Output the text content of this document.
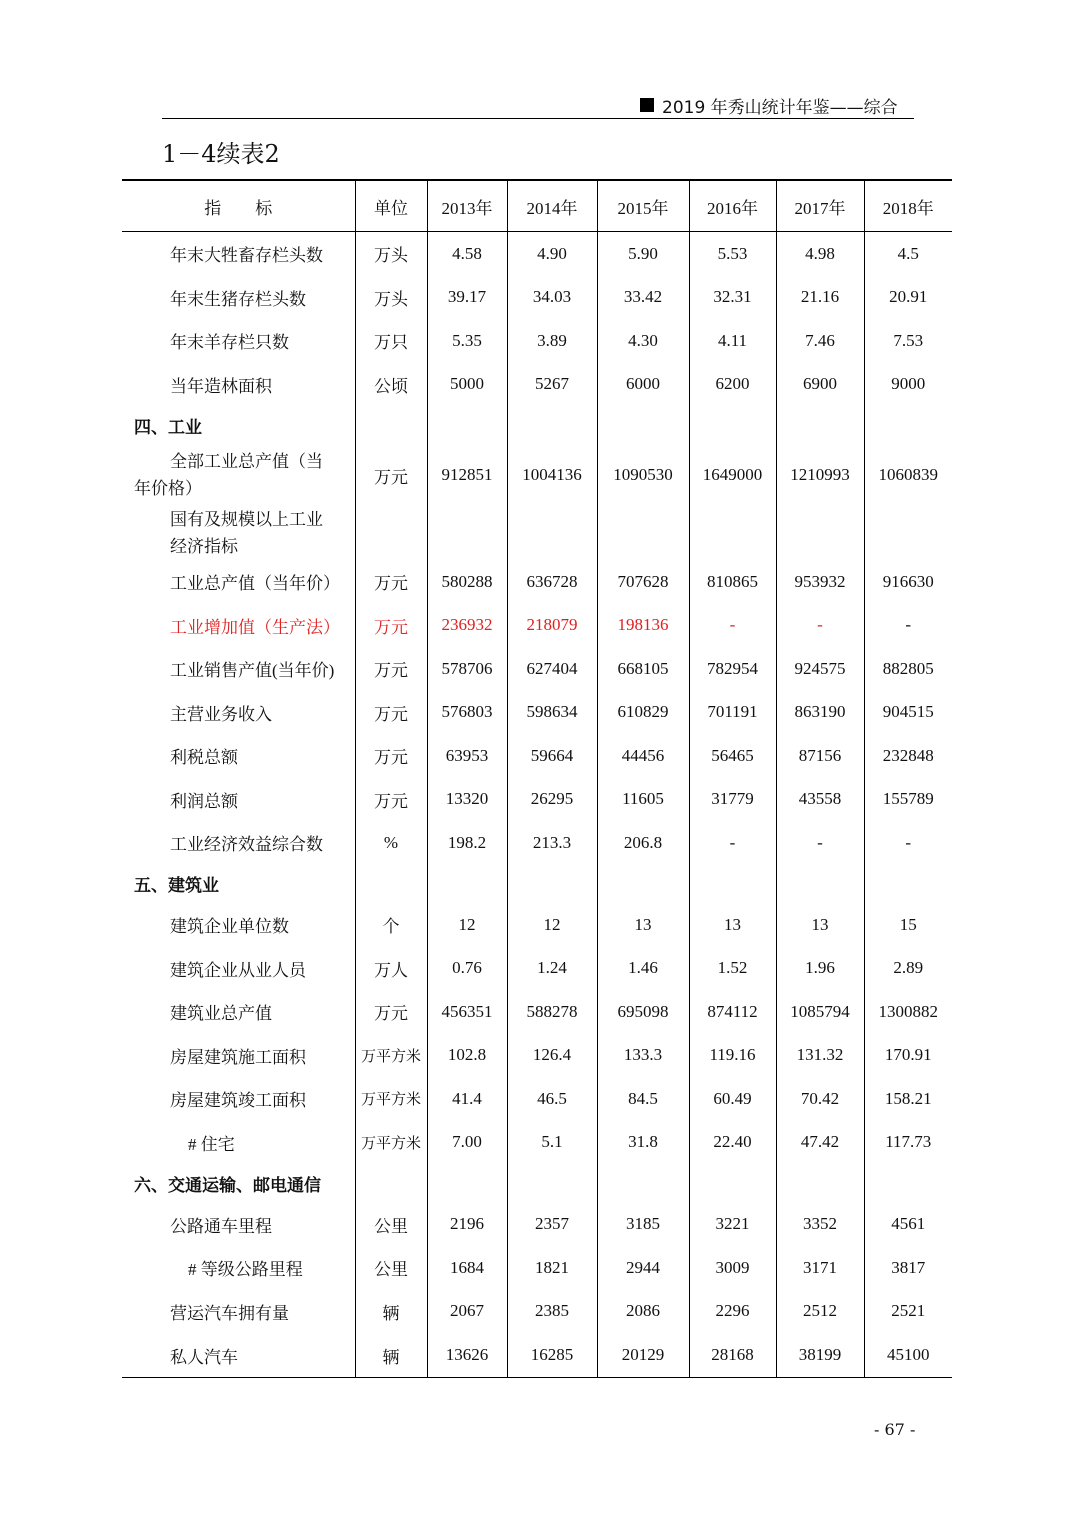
2019 年秀山统计年鉴——综合
1－4续表2
指　　标	单位	2013年	2014年	2015年	2016年	2017年	2018年
年末大牲畜存栏头数	万头	4.58	4.90	5.90	5.53	4.98	4.5
年末生猪存栏头数	万头	39.17	34.03	33.42	32.31	21.16	20.91
年末羊存栏只数	万只	5.35	3.89	4.30	4.11	7.46	7.53
当年造林面积	公顷	5000	5267	6000	6200	6900	9000
四、工业							
全部工业总产值（当
年价格）	万元	912851	1004136	1090530	1649000	1210993	1060839
国有及规模以上工业
经济指标							
工业总产值（当年价）	万元	580288	636728	707628	810865	953932	916630
工业增加值（生产法）	万元	236932	218079	198136	-	-	-
工业销售产值(当年价)	万元	578706	627404	668105	782954	924575	882805
主营业务收入	万元	576803	598634	610829	701191	863190	904515
利税总额	万元	63953	59664	44456	56465	87156	232848
利润总额	万元	13320	26295	11605	31779	43558	155789
工业经济效益综合数	%	198.2	213.3	206.8	-	-	-
五、建筑业							
建筑企业单位数	个	12	12	13	13	13	15
建筑企业从业人员	万人	0.76	1.24	1.46	1.52	1.96	2.89
建筑业总产值	万元	456351	588278	695098	874112	1085794	1300882
房屋建筑施工面积	万平方米	102.8	126.4	133.3	119.16	131.32	170.91
房屋建筑竣工面积	万平方米	41.4	46.5	84.5	60.49	70.42	158.21
# 住宅	万平方米	7.00	5.1	31.8	22.40	47.42	117.73
六、交通运输、邮电通信							
公路通车里程	公里	2196	2357	3185	3221	3352	4561
# 等级公路里程	公里	1684	1821	2944	3009	3171	3817
营运汽车拥有量	辆	2067	2385	2086	2296	2512	2521
私人汽车	辆	13626	16285	20129	28168	38199	45100
- 67 -
